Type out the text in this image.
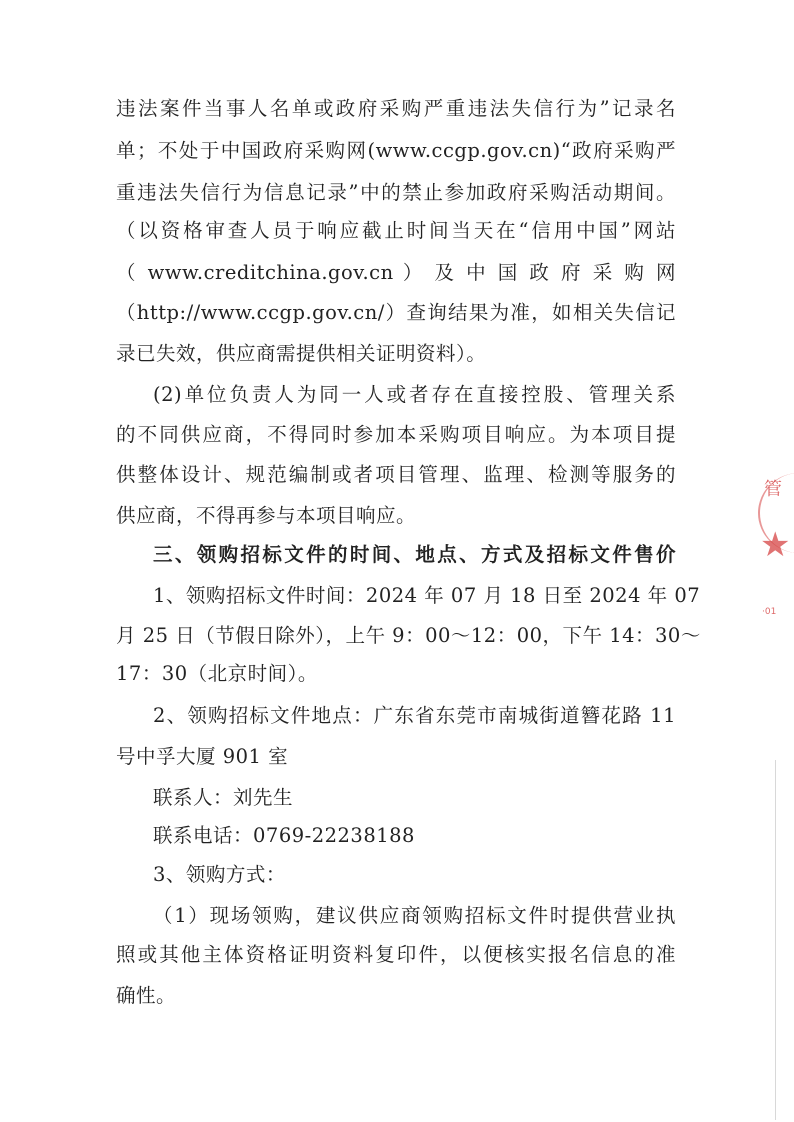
违法案件当事人名单或政府采购严重违法失信行为”记录名
单；不处于中国政府采购网(www.ccgp.gov.cn)“政府采购严
重违法失信行为信息记录”中的禁止参加政府采购活动期间。
（以资格审查人员于响应截止时间当天在“信用中国”网站
（ www.creditchina.gov.cn ） 及 中 国 政 府 采 购 网
（http://www.ccgp.gov.cn/）查询结果为准，如相关失信记
录已失效，供应商需提供相关证明资料）。
(2)单位负责人为同一人或者存在直接控股、管理关系
的不同供应商，不得同时参加本采购项目响应。为本项目提
供整体设计、规范编制或者项目管理、监理、检测等服务的
供应商，不得再参与本项目响应。
三、领购招标文件的时间、地点、方式及招标文件售价
1、领购招标文件时间：2024 年 07 月 18 日至 2024 年 07
月 25 日（节假日除外），上午 9：00～12：00，下午 14：30～
17：30（北京时间）。
2、领购招标文件地点：广东省东莞市南城街道簪花路 11
号中孚大厦 901 室
联系人：刘先生
联系电话：0769-22238188
3、领购方式：
（1）现场领购，建议供应商领购招标文件时提供营业执
照或其他主体资格证明资料复印件，以便核实报名信息的准
确性。
管
★
·01
